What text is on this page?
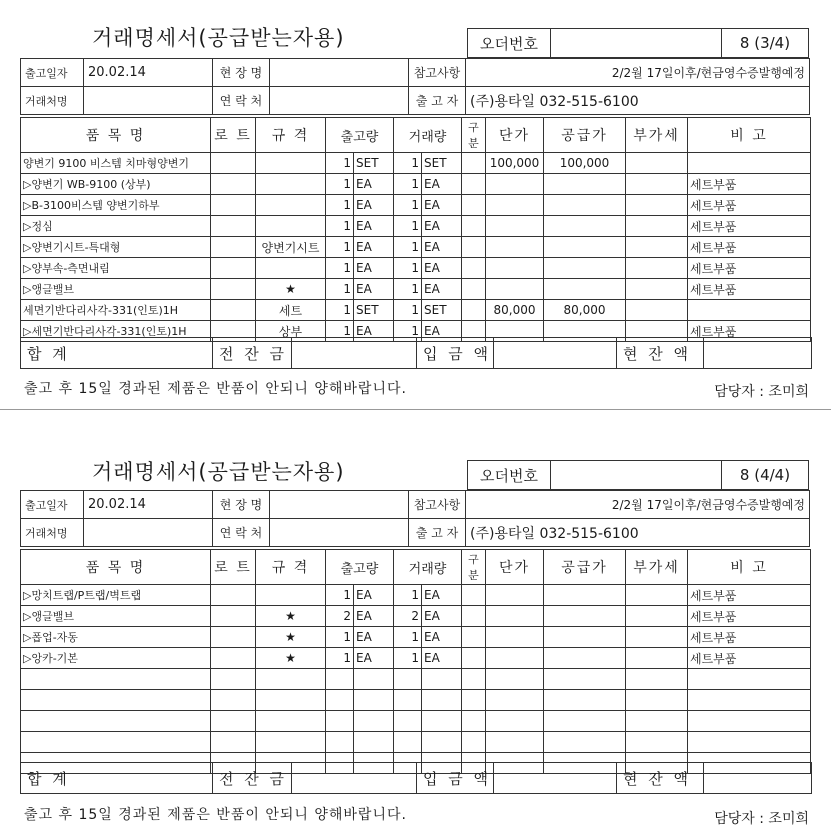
거래명세서(공급받는자용)	오더번호	8 (3/4)
출고일자	20.02.14	현 장 명		참고사항	2/2월 17일이후/현금영수증발행예정
거래처명		연 락 처		출 고 자	(주)용타일 032-515-6100
품 목 명	로 트	규 격	출고량		거래량		구분	단가	공급가	부가세	비 고
양변기 9100 비스템 치마형양변기			1	SET	1	SET		100,000	100,000		
▷양변기 WB-9100 (상부)			1	EA	1	EA					세트부품
▷B-3100비스템 양변기하부			1	EA	1	EA					세트부품
▷정심			1	EA	1	EA					세트부품
▷양변기시트-특대형		양변기시트	1	EA	1	EA					세트부품
▷양부속-측면내림			1	EA	1	EA					세트부품
▷앵글밸브		★	1	EA	1	EA					세트부품
세면기반다리사각-331(인토)1H		세트	1	SET	1	SET		80,000	80,000		
▷세면기반다리사각-331(인토)1H		상부	1	EA	1	EA					세트부품
합 계	전 잔 금	입 금 액	현 잔 액
출고 후 15일 경과된 제품은 반품이 안되니 양해바랍니다.	담당자 : 조미희
거래명세서(공급받는자용)	오더번호	8 (4/4)
출고일자	20.02.14	현 장 명		참고사항	2/2월 17일이후/현금영수증발행예정
거래처명		연 락 처		출 고 자	(주)용타일 032-515-6100
품 목 명	로 트	규 격	출고량		거래량		구분	단가	공급가	부가세	비 고
▷망치트랩/P트랩/벽트랩			1	EA	1	EA					세트부품
▷앵글밸브		★	2	EA	2	EA					세트부품
▷폽업-자동		★	1	EA	1	EA					세트부품
▷앙카-기본		★	1	EA	1	EA					세트부품

합 계	전 잔 금	입 금 액	현 잔 액
출고 후 15일 경과된 제품은 반품이 안되니 양해바랍니다.	담당자 : 조미희
